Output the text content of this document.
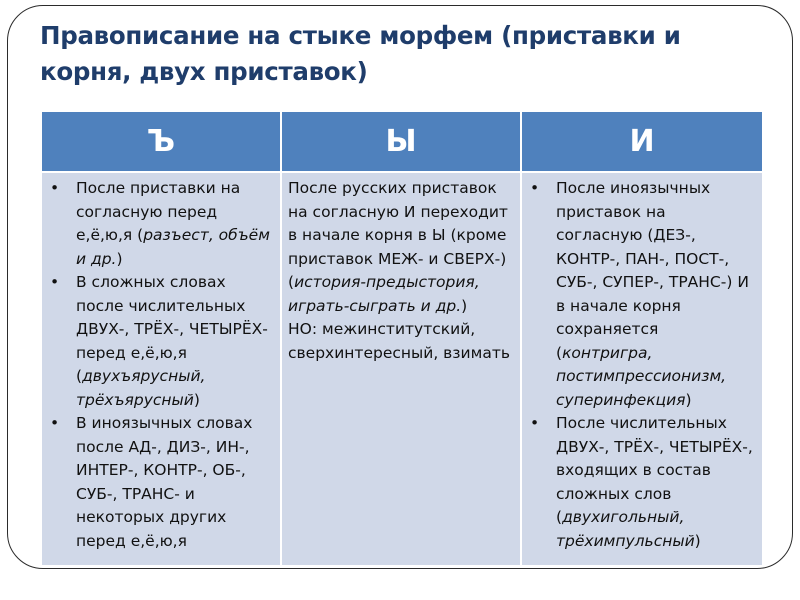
Правописание на стыке морфем (приставки и корня, двух приставок)
Ъ	Ы	И

• После приставки на согласную перед е,ё,ю,я (разъест, объём и др.)
• В сложных словах после числительных ДВУХ-, ТРЁХ-, ЧЕТЫРЁХ- перед е,ё,ю,я (двухъярусный, трёхъярусный)
• В иноязычных словах после АД-, ДИЗ-, ИН-, ИНТЕР-, КОНТР-, ОБ-, СУБ-, ТРАНС- и некоторых других перед е,ё,ю,я

После русских приставок на согласную И переходит в начале корня в Ы (кроме приставок МЕЖ- и СВЕРХ-) (история-предыстория, играть-сыграть и др.)
НО: межинститутский, сверхинтересный, взимать

• После иноязычных приставок на согласную (ДЕЗ-, КОНТР-, ПАН-, ПОСТ-, СУБ-, СУПЕР-, ТРАНС-) И в начале корня сохраняется (контригра, постимпрессионизм, суперинфекция)
• После числительных ДВУХ-, ТРЁХ-, ЧЕТЫРЁХ-, входящих в состав сложных слов (двухигольный, трёхимпульсный)
